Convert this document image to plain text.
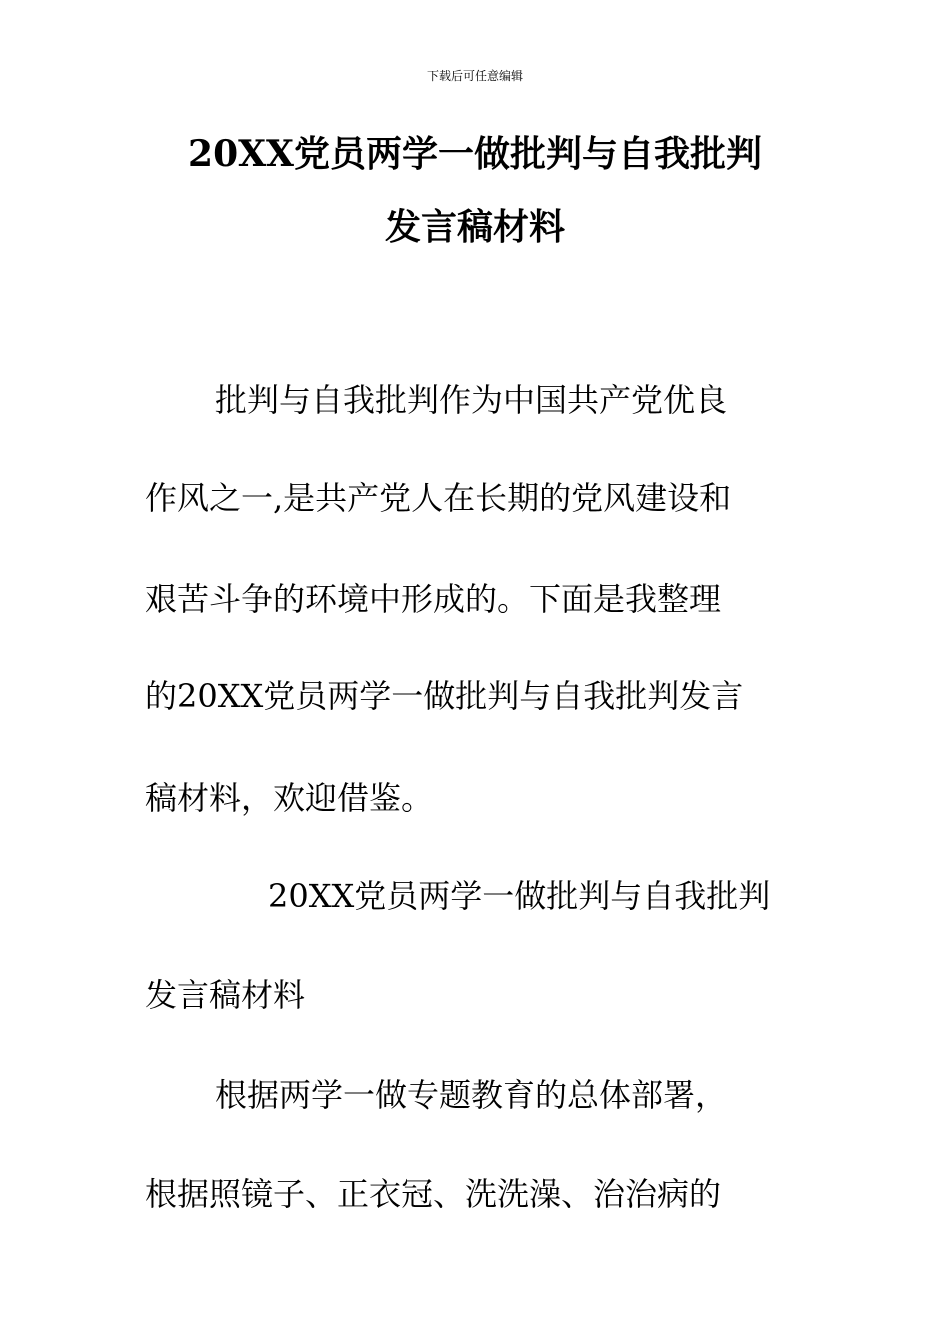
下载后可任意编辑
20XX党员两学一做批判与自我批判
发言稿材料
批判与自我批判作为中国共产党优良
作风之一,是共产党人在长期的党风建设和
艰苦斗争的环境中形成的。下面是我整理
的20XX党员两学一做批判与自我批判发言
稿材料，欢迎借鉴。
20XX党员两学一做批判与自我批判
发言稿材料
根据两学一做专题教育的总体部署，
根据照镜子、正衣冠、洗洗澡、治治病的
